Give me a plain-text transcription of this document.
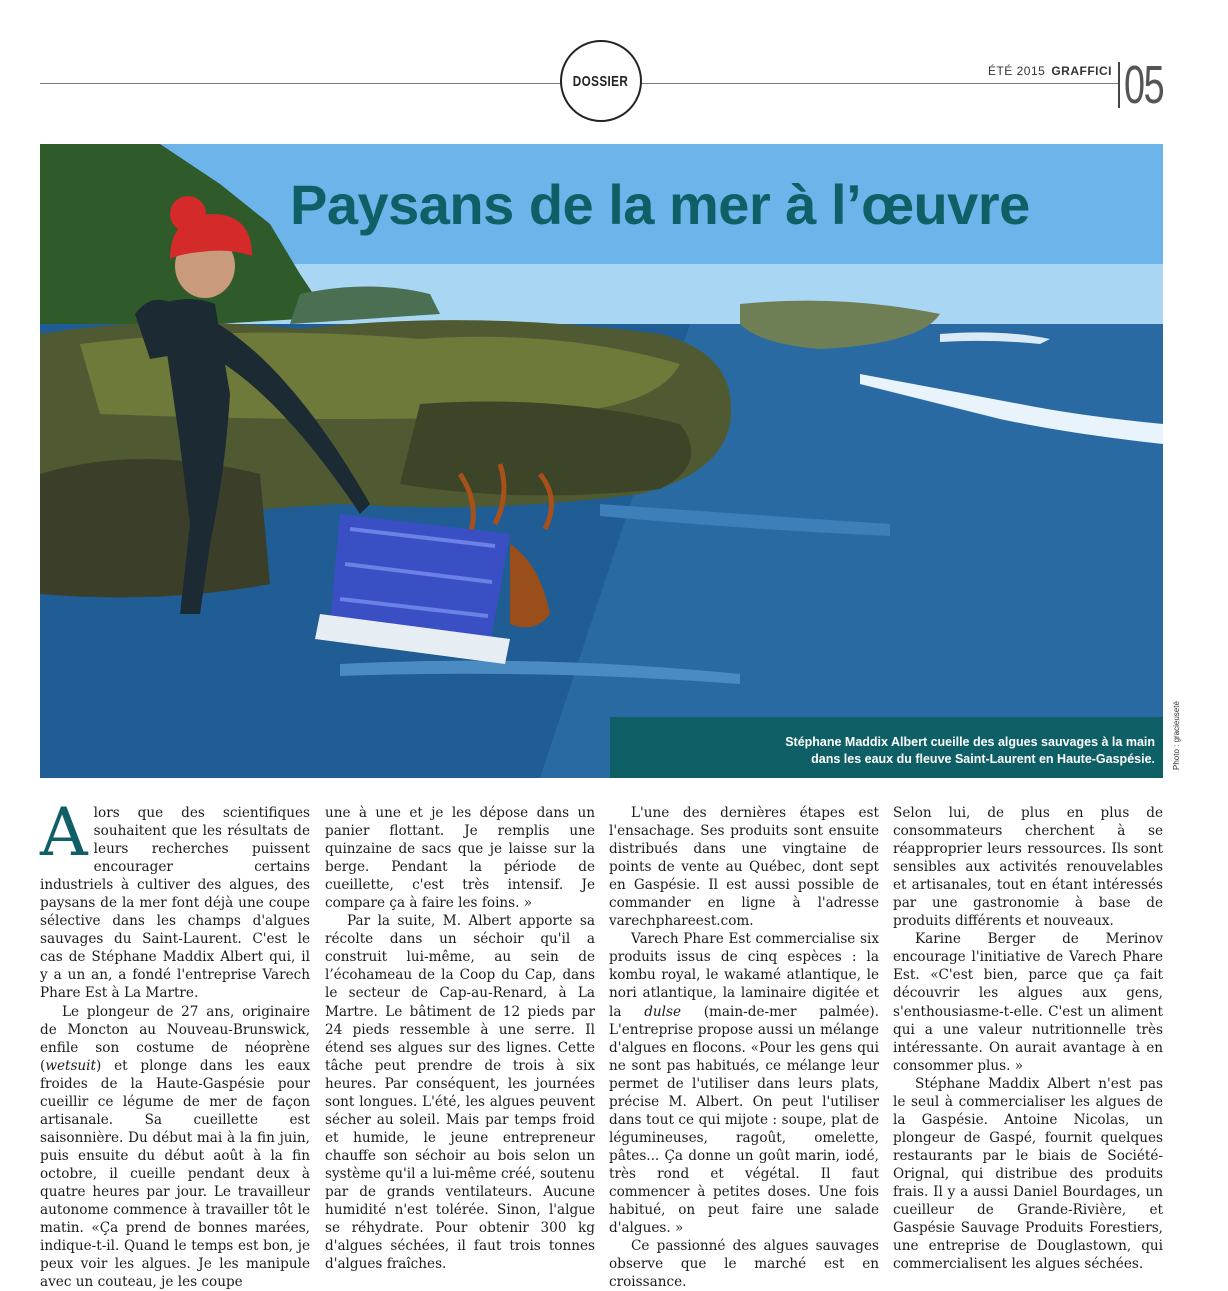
DOSSIER
ÉTÉ 2015 GRAFFICI 05
Paysans de la mer à l’œuvre
Stéphane Maddix Albert cueille des algues sauvages à la main
dans les eaux du fleuve Saint-Laurent en Haute-Gaspésie. Photo : gracieuseté

Alors que des scientifiques souhaitent que les résultats de leurs recherches puissent encourager certains industriels à cultiver des algues, des paysans de la mer font déjà une coupe sélective dans les champs d'algues sauvages du Saint-Laurent. C'est le cas de Stéphane Maddix Albert qui, il y a un an, a fondé l'entreprise Varech Phare Est à La Martre.

Le plongeur de 27 ans, originaire de Moncton au Nouveau-Brunswick, enfile son costume de néoprène (wetsuit) et plonge dans les eaux froides de la Haute-Gaspésie pour cueillir ce légume de mer de façon artisanale. Sa cueillette est saisonnière. Du début mai à la fin juin, puis ensuite du début août à la fin octobre, il cueille pendant deux à quatre heures par jour. Le travailleur autonome commence à travailler tôt le matin. «Ça prend de bonnes marées, indique-t-il. Quand le temps est bon, je peux voir les algues. Je les manipule avec un couteau, je les coupe

une à une et je les dépose dans un panier flottant. Je remplis une quinzaine de sacs que je laisse sur la berge. Pendant la période de cueillette, c'est très intensif. Je compare ça à faire les foins. »

Par la suite, M. Albert apporte sa récolte dans un séchoir qu'il a construit lui-même, au sein de l’écohameau de la Coop du Cap, dans le secteur de Cap-au-Renard, à La Martre. Le bâtiment de 12 pieds par 24 pieds ressemble à une serre. Il étend ses algues sur des lignes. Cette tâche peut prendre de trois à six heures. Par conséquent, les journées sont longues. L'été, les algues peuvent sécher au soleil. Mais par temps froid et humide, le jeune entrepreneur chauffe son séchoir au bois selon un système qu'il a lui-même créé, soutenu par de grands ventilateurs. Aucune humidité n'est tolérée. Sinon, l'algue se réhydrate. Pour obtenir 300 kg d'algues séchées, il faut trois tonnes d'algues fraîches.

L'une des dernières étapes est l'ensachage. Ses produits sont ensuite distribués dans une vingtaine de points de vente au Québec, dont sept en Gaspésie. Il est aussi possible de commander en ligne à l'adresse varechphareest.com.

Varech Phare Est commercialise six produits issus de cinq espèces : la kombu royal, le wakamé atlantique, le nori atlantique, la laminaire digitée et la dulse (main-de-mer palmée). L'entreprise propose aussi un mélange d'algues en flocons. «Pour les gens qui ne sont pas habitués, ce mélange leur permet de l'utiliser dans leurs plats, précise M. Albert. On peut l'utiliser dans tout ce qui mijote : soupe, plat de légumineuses, ragoût, omelette, pâtes... Ça donne un goût marin, iodé, très rond et végétal. Il faut commencer à petites doses. Une fois habitué, on peut faire une salade d'algues. »

Ce passionné des algues sauvages observe que le marché est en croissance.

Selon lui, de plus en plus de consommateurs cherchent à se réapproprier leurs ressources. Ils sont sensibles aux activités renouvelables et artisanales, tout en étant intéressés par une gastronomie à base de produits différents et nouveaux.

Karine Berger de Merinov encourage l'initiative de Varech Phare Est. «C'est bien, parce que ça fait découvrir les algues aux gens, s'enthousiasme-t-elle. C'est un aliment qui a une valeur nutritionnelle très intéressante. On aurait avantage à en consommer plus. »

Stéphane Maddix Albert n'est pas le seul à commercialiser les algues de la Gaspésie. Antoine Nicolas, un plongeur de Gaspé, fournit quelques restaurants par le biais de Société-Orignal, qui distribue des produits frais. Il y a aussi Daniel Bourdages, un cueilleur de Grande-Rivière, et Gaspésie Sauvage Produits Forestiers, une entreprise de Douglastown, qui commercialisent les algues séchées.
